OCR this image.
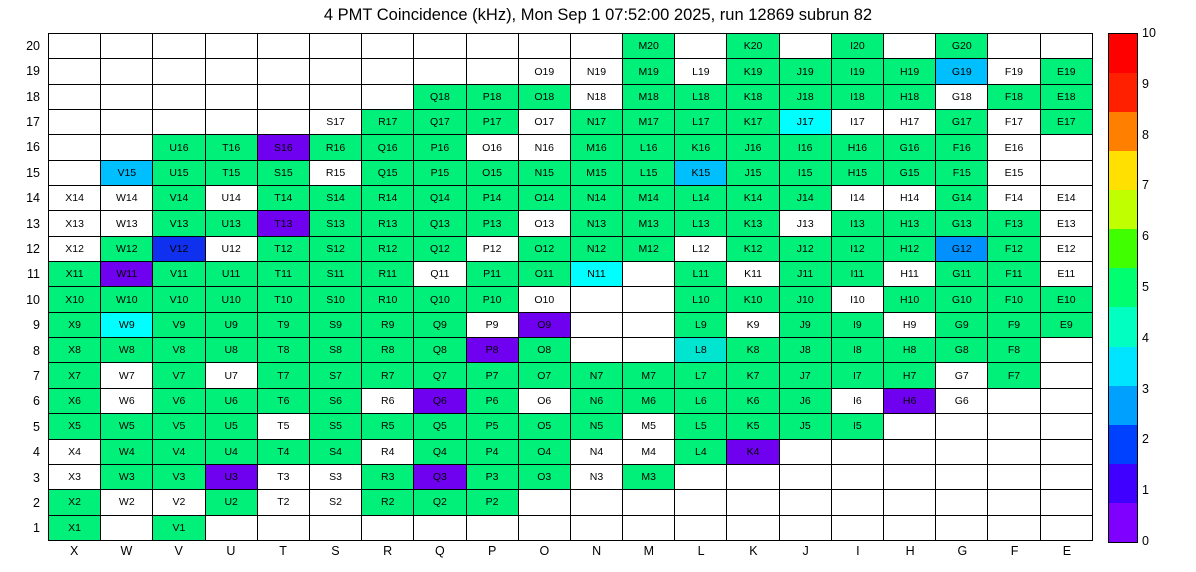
4 PMT Coincidence (kHz), Mon Sep 1 07:52:00 2025, run 12869 subrun 82
20
19
18
17
16
15
14
13
12
11
10
9
8
7
6
5
4
3
2
1
											M20		K20		I20		G20		
									O19	N19	M19	L19	K19	J19	I19	H19	G19	F19	E19
							Q18	P18	O18	N18	M18	L18	K18	J18	I18	H18	G18	F18	E18
					S17	R17	Q17	P17	O17	N17	M17	L17	K17	J17	I17	H17	G17	F17	E17
		U16	T16	S16	R16	Q16	P16	O16	N16	M16	L16	K16	J16	I16	H16	G16	F16	E16	
	V15	U15	T15	S15	R15	Q15	P15	O15	N15	M15	L15	K15	J15	I15	H15	G15	F15	E15	
X14	W14	V14	U14	T14	S14	R14	Q14	P14	O14	N14	M14	L14	K14	J14	I14	H14	G14	F14	E14
X13	W13	V13	U13	T13	S13	R13	Q13	P13	O13	N13	M13	L13	K13	J13	I13	H13	G13	F13	E13
X12	W12	V12	U12	T12	S12	R12	Q12	P12	O12	N12	M12	L12	K12	J12	I12	H12	G12	F12	E12
X11	W11	V11	U11	T11	S11	R11	Q11	P11	O11	N11		L11	K11	J11	I11	H11	G11	F11	E11
X10	W10	V10	U10	T10	S10	R10	Q10	P10	O10			L10	K10	J10	I10	H10	G10	F10	E10
X9	W9	V9	U9	T9	S9	R9	Q9	P9	O9			L9	K9	J9	I9	H9	G9	F9	E9
X8	W8	V8	U8	T8	S8	R8	Q8	P8	O8			L8	K8	J8	I8	H8	G8	F8	
X7	W7	V7	U7	T7	S7	R7	Q7	P7	O7	N7	M7	L7	K7	J7	I7	H7	G7	F7	
X6	W6	V6	U6	T6	S6	R6	Q6	P6	O6	N6	M6	L6	K6	J6	I6	H6	G6		
X5	W5	V5	U5	T5	S5	R5	Q5	P5	O5	N5	M5	L5	K5	J5	I5				
X4	W4	V4	U4	T4	S4	R4	Q4	P4	O4	N4	M4	L4	K4						
X3	W3	V3	U3	T3	S3	R3	Q3	P3	O3	N3	M3								
X2	W2	V2	U2	T2	S2	R2	Q2	P2											
X1		V1																	
X	W	V	U	T	S	R	Q	P	O	N	M	L	K	J	I	H	G	F	E
0
1
2
3
4
5
6
7
8
9
10
